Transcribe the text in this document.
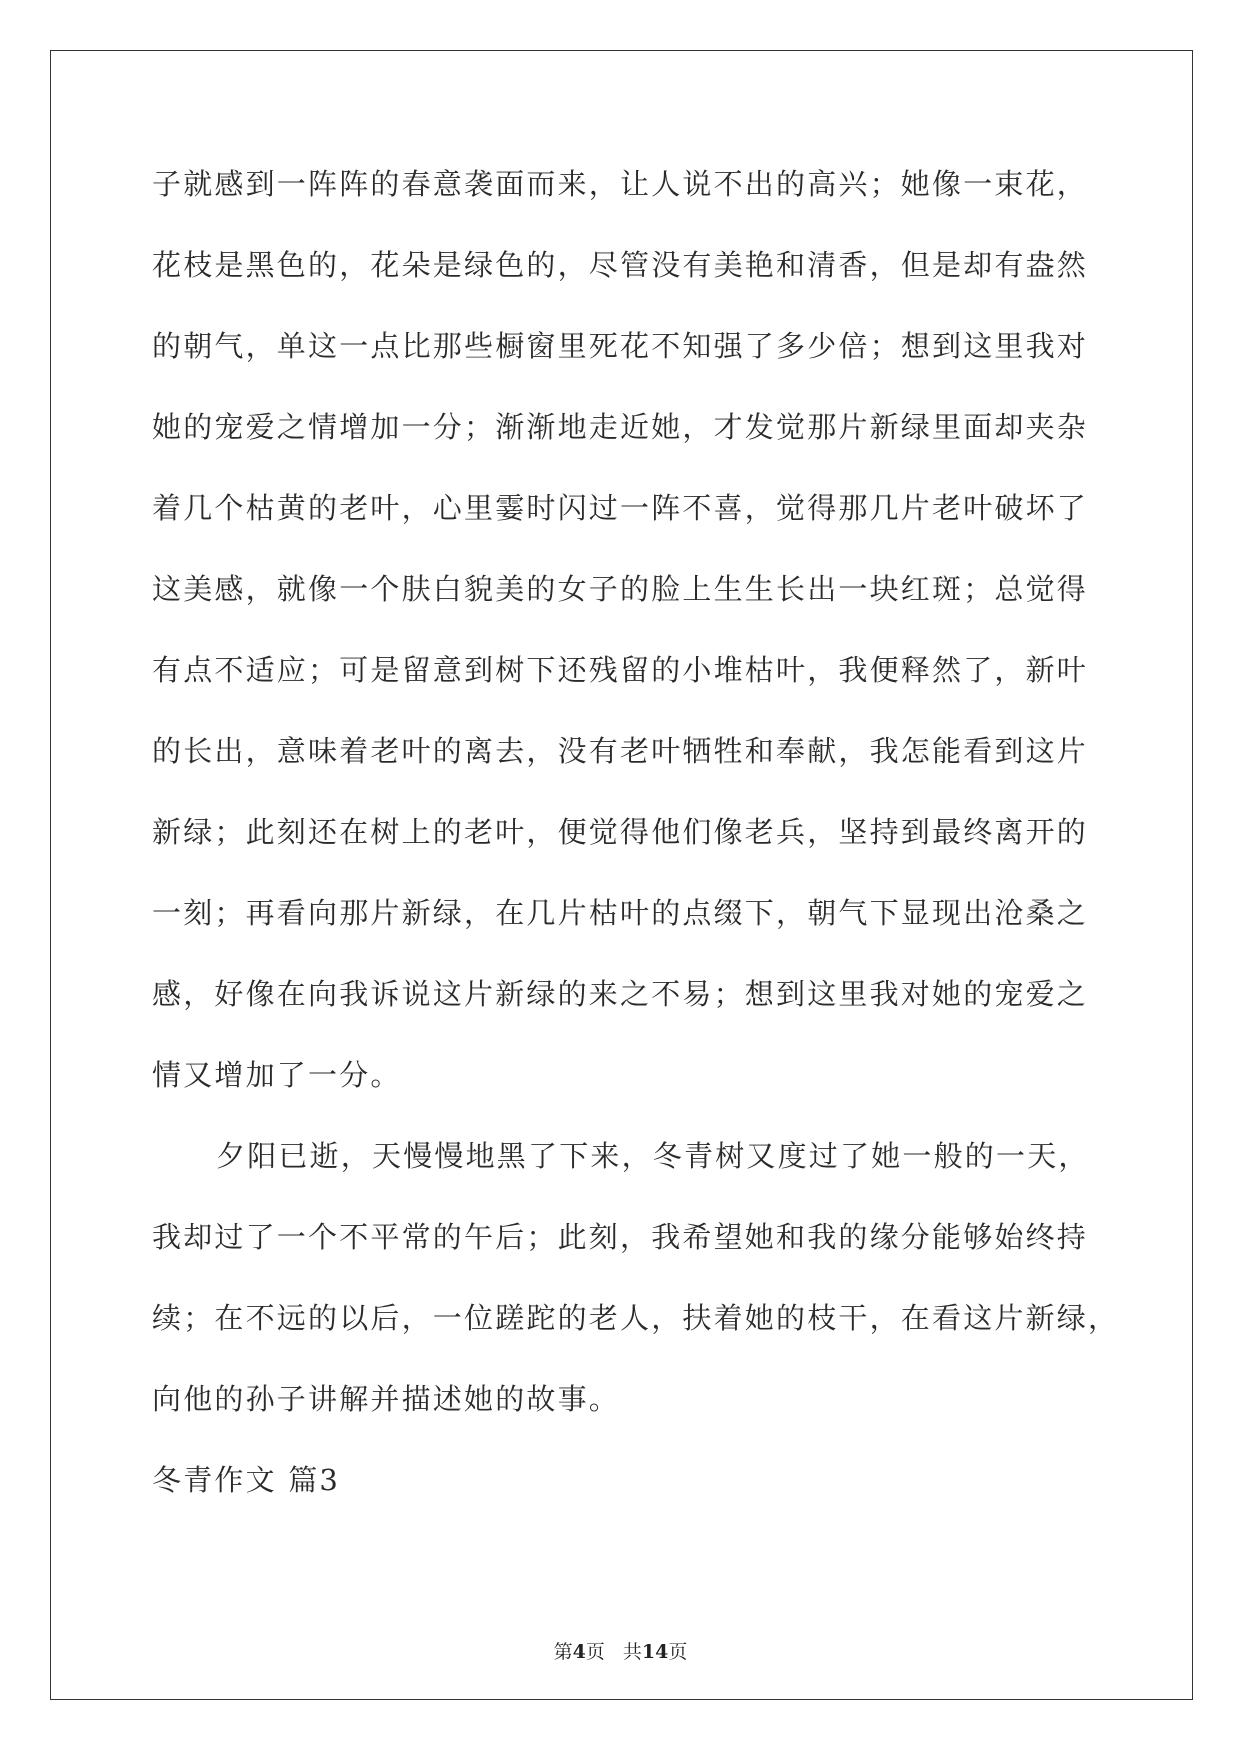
子就感到一阵阵的春意袭面而来，让人说不出的高兴；她像一束花，
花枝是黑色的，花朵是绿色的，尽管没有美艳和清香，但是却有盎然
的朝气，单这一点比那些橱窗里死花不知强了多少倍；想到这里我对
她的宠爱之情增加一分；渐渐地走近她，才发觉那片新绿里面却夹杂
着几个枯黄的老叶，心里霎时闪过一阵不喜，觉得那几片老叶破坏了
这美感，就像一个肤白貌美的女子的脸上生生长出一块红斑；总觉得
有点不适应；可是留意到树下还残留的小堆枯叶，我便释然了，新叶
的长出，意味着老叶的离去，没有老叶牺牲和奉献，我怎能看到这片
新绿；此刻还在树上的老叶，便觉得他们像老兵，坚持到最终离开的
一刻；再看向那片新绿，在几片枯叶的点缀下，朝气下显现出沧桑之
感，好像在向我诉说这片新绿的来之不易；想到这里我对她的宠爱之
情又增加了一分。
夕阳已逝，天慢慢地黑了下来，冬青树又度过了她一般的一天，
我却过了一个不平常的午后；此刻，我希望她和我的缘分能够始终持
续；在不远的以后，一位蹉跎的老人，扶着她的枝干，在看这片新绿，
向他的孙子讲解并描述她的故事。
冬青作文 篇3
第4页 共14页
